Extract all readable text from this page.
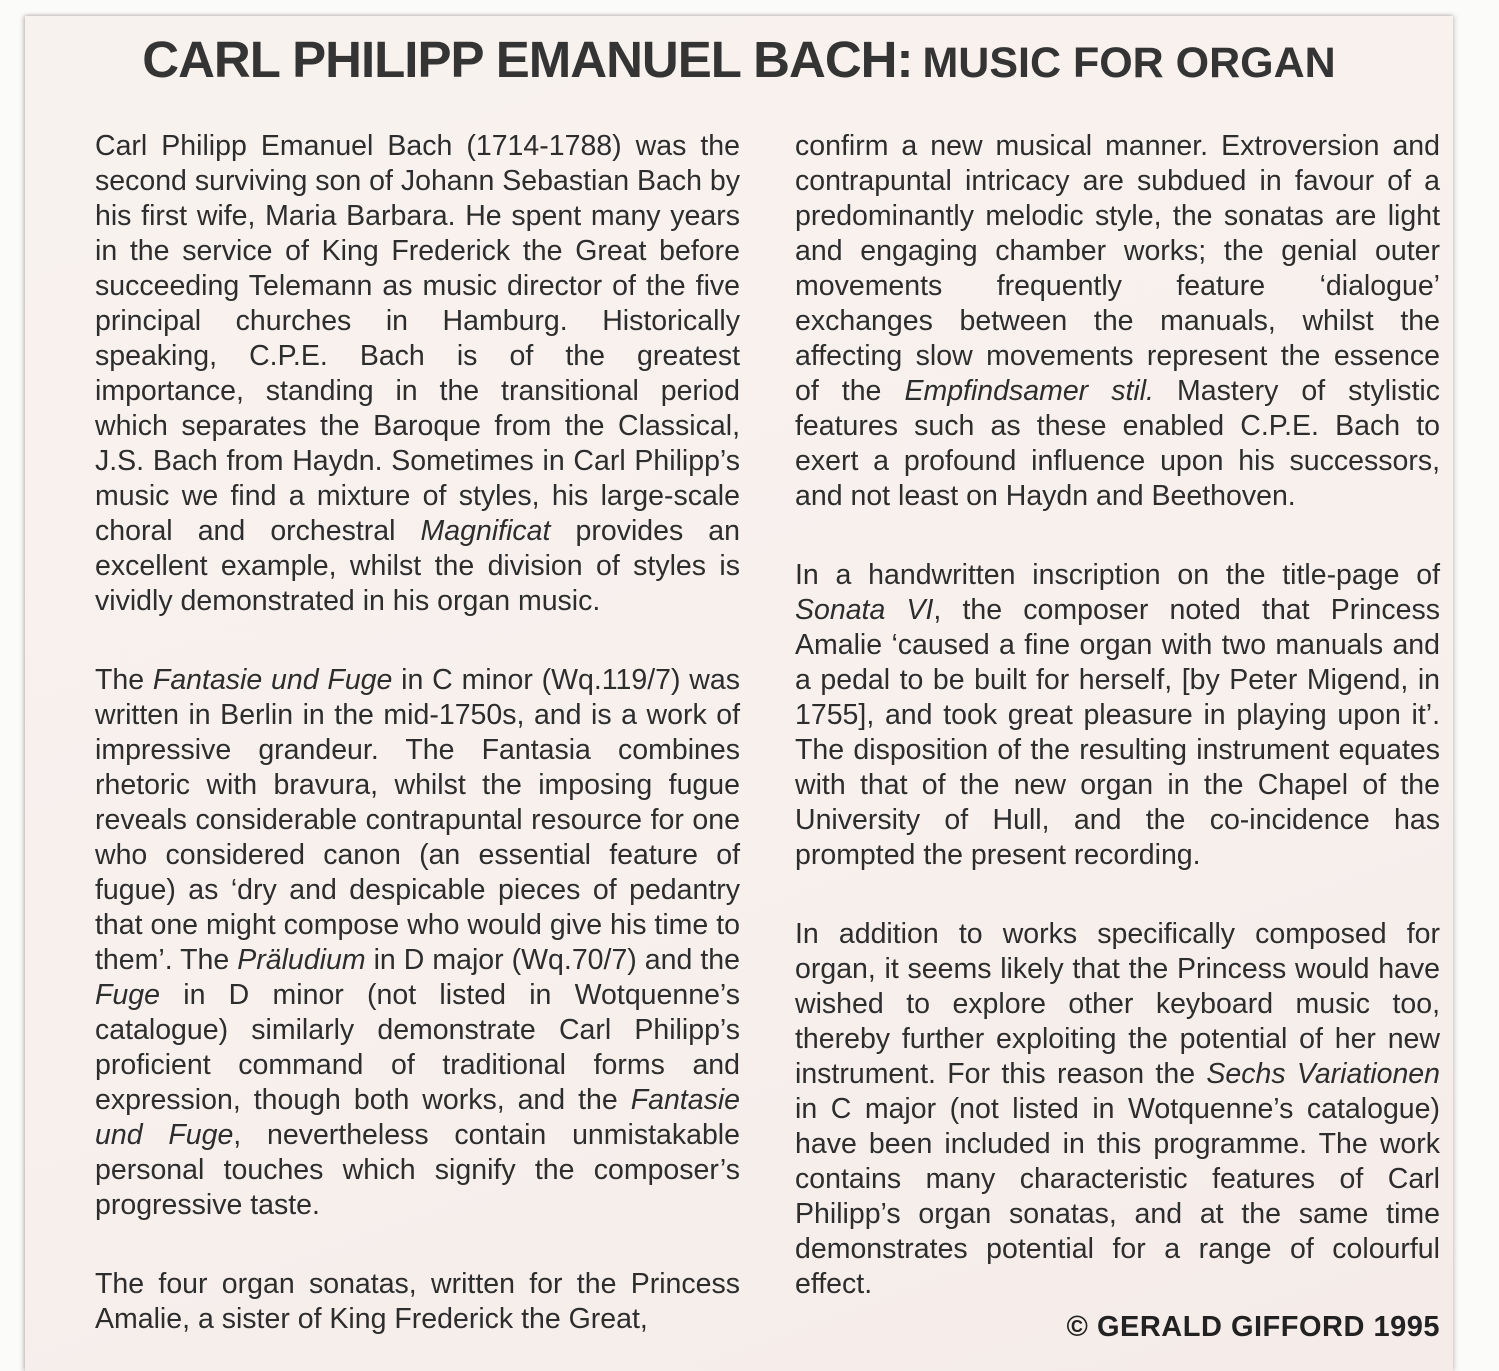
CARL PHILIPP EMANUEL BACH: MUSIC FOR ORGAN

Carl Philipp Emanuel Bach (1714-1788) was the second surviving son of Johann Sebastian Bach by his first wife, Maria Barbara. He spent many years in the service of King Frederick the Great before succeeding Telemann as music director of the five principal churches in Hamburg. Historically speaking, C.P.E. Bach is of the greatest importance, standing in the transitional period which separates the Baroque from the Classical, J.S. Bach from Haydn. Sometimes in Carl Philipp’s music we find a mixture of styles, his large-scale choral and orchestral Magnificat provides an excellent example, whilst the division of styles is vividly demonstrated in his organ music.

The Fantasie und Fuge in C minor (Wq.119/7) was written in Berlin in the mid-1750s, and is a work of impressive grandeur. The Fantasia combines rhetoric with bravura, whilst the imposing fugue reveals considerable contrapuntal resource for one who considered canon (an essential feature of fugue) as ‘dry and despicable pieces of pedantry that one might compose who would give his time to them’. The Präludium in D major (Wq.70/7) and the Fuge in D minor (not listed in Wotquenne’s catalogue) similarly demonstrate Carl Philipp’s proficient command of traditional forms and expression, though both works, and the Fantasie und Fuge, nevertheless contain unmistakable personal touches which signify the composer’s progressive taste.

The four organ sonatas, written for the Princess Amalie, a sister of King Frederick the Great,

confirm a new musical manner. Extroversion and contrapuntal intricacy are subdued in favour of a predominantly melodic style, the sonatas are light and engaging chamber works; the genial outer movements frequently feature ‘dialogue’ exchanges between the manuals, whilst the affecting slow movements represent the essence of the Empfindsamer stil. Mastery of stylistic features such as these enabled C.P.E. Bach to exert a profound influence upon his successors, and not least on Haydn and Beethoven.

In a handwritten inscription on the title-page of Sonata VI, the composer noted that Princess Amalie ‘caused a fine organ with two manuals and a pedal to be built for herself, [by Peter Migend, in 1755], and took great pleasure in playing upon it’. The disposition of the resulting instrument equates with that of the new organ in the Chapel of the University of Hull, and the co-incidence has prompted the present recording.

In addition to works specifically composed for organ, it seems likely that the Princess would have wished to explore other keyboard music too, thereby further exploiting the potential of her new instrument. For this reason the Sechs Variationen in C major (not listed in Wotquenne’s catalogue) have been included in this programme. The work contains many characteristic features of Carl Philipp’s organ sonatas, and at the same time demonstrates potential for a range of colourful effect.

© GERALD GIFFORD 1995
